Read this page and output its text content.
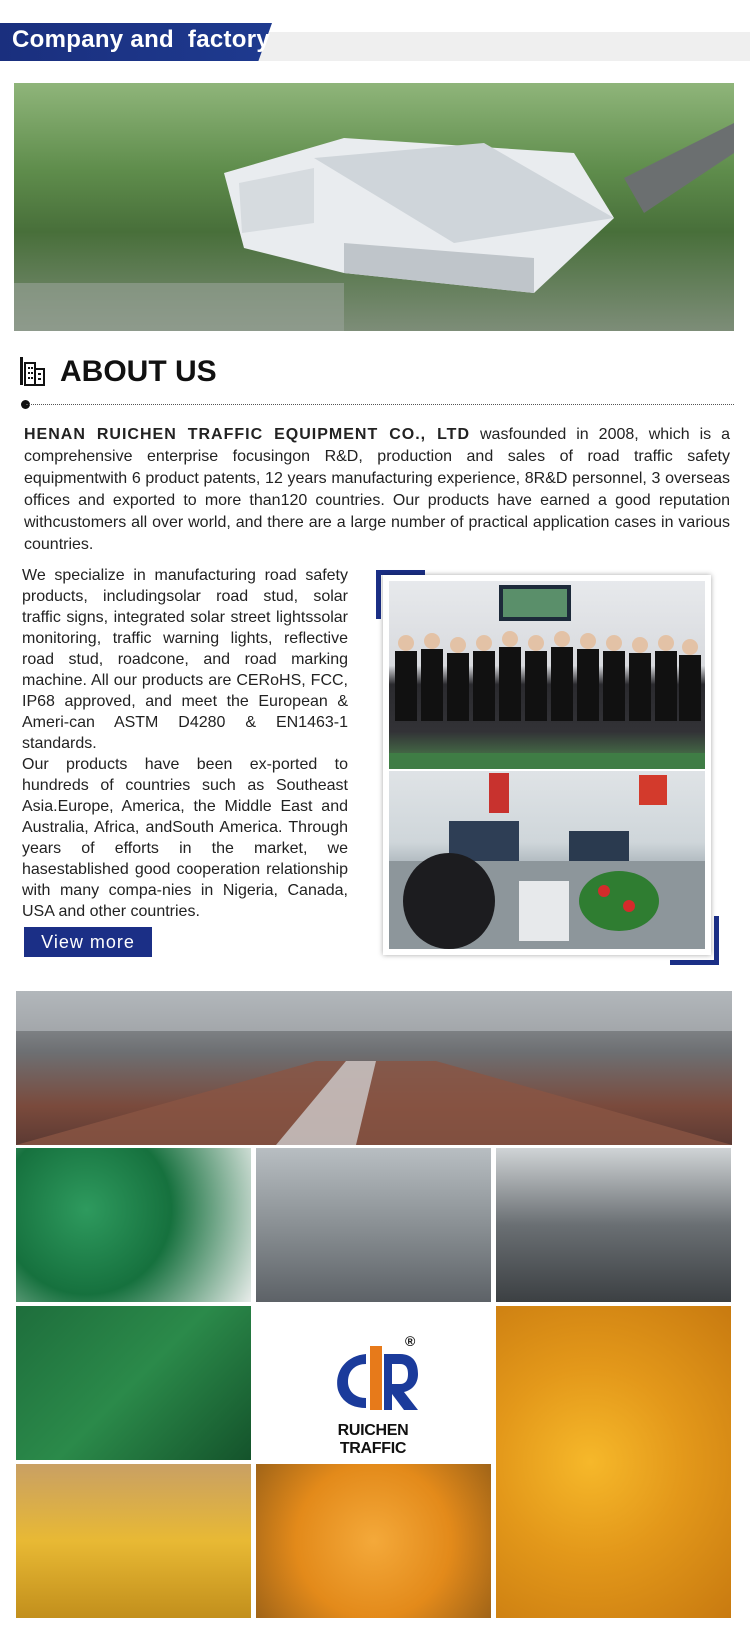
Company and  factory
ABOUT US
HENAN RUICHEN TRAFFIC EQUIPMENT CO., LTD wasfounded in 2008, which is a comprehensive enterprise focusingon R&D, production and sales of road traffic safety equipmentwith 6 product patents, 12 years manufacturing experience, 8R&D personnel, 3 overseas offices and exported to more than120 countries. Our products have earned a good reputation withcustomers all over world, and there are a large number of practical application cases in various countries.

We specialize in manufacturing road safety products, includingsolar road stud, solar traffic signs, integrated solar street lightssolar monitoring, traffic warning lights, reflective road stud, roadcone, and road marking machine. All our products are CERoHS, FCC, IP68 approved, and meet the European & Ameri-can ASTM D4280 & EN1463-1 standards.

Our products have been ex-ported to hundreds of countries such as Southeast Asia.Europe, America, the Middle East and Australia, Africa, andSouth America. Through years of efforts in the market, we hasestablished good cooperation relationship with many compa-nies in Nigeria, Canada, USA and other countries.

View more
®
RUICHEN TRAFFIC
